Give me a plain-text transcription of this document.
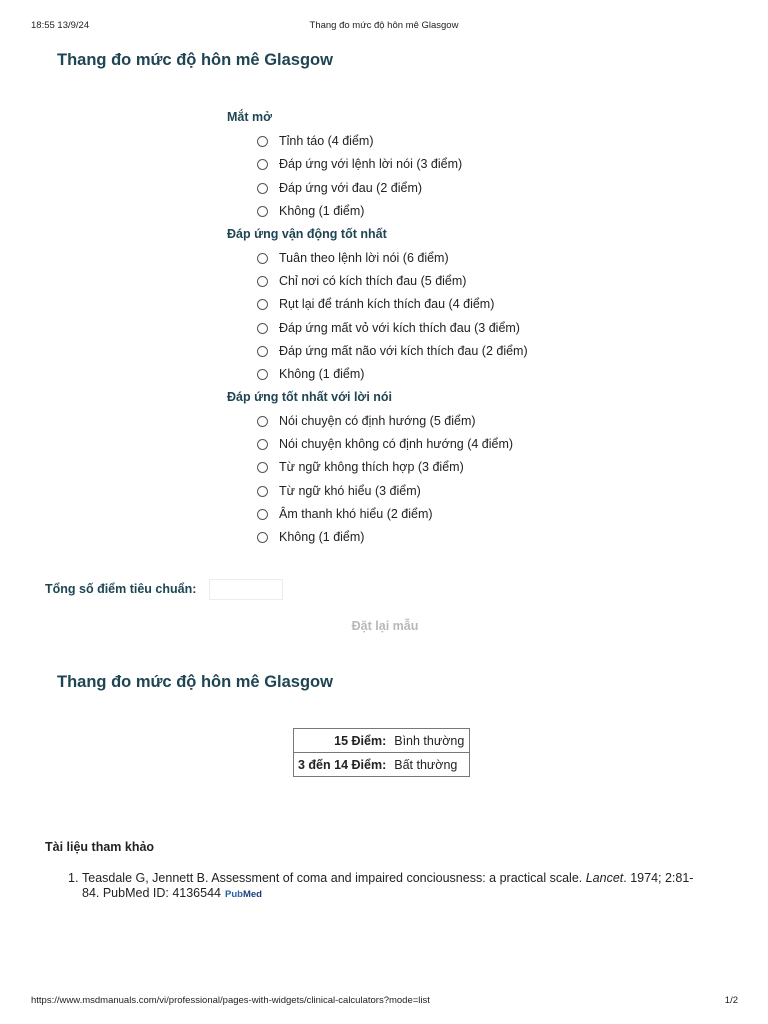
18:55 13/9/24	Thang đo mức độ hôn mê Glasgow
Thang đo mức độ hôn mê Glasgow
Mắt mở
Tỉnh táo (4 điểm)
Đáp ứng với lệnh lời nói (3 điểm)
Đáp ứng với đau (2 điểm)
Không (1 điểm)
Đáp ứng vận động tốt nhất
Tuân theo lệnh lời nói (6 điểm)
Chỉ nơi có kích thích đau (5 điểm)
Rụt lại để tránh kích thích đau (4 điểm)
Đáp ứng mất vỏ với kích thích đau (3 điểm)
Đáp ứng mất não với kích thích đau (2 điểm)
Không (1 điểm)
Đáp ứng tốt nhất với lời nói
Nói chuyện có định hướng (5 điểm)
Nói chuyện không có định hướng (4 điểm)
Từ ngữ không thích hợp (3 điểm)
Từ ngữ khó hiểu (3 điểm)
Âm thanh khó hiểu (2 điểm)
Không (1 điểm)
Tổng số điểm tiêu chuẩn:
Đặt lại mẫu
Thang đo mức độ hôn mê Glasgow
15 Điểm:	Bình thường
3 đến 14 Điểm:	Bất thường
Tài liệu tham khảo
1. Teasdale G, Jennett B. Assessment of coma and impaired conciousness: a practical scale. Lancet. 1974; 2:81-84. PubMed ID: 4136544 PubMed
https://www.msdmanuals.com/vi/professional/pages-with-widgets/clinical-calculators?mode=list	1/2
